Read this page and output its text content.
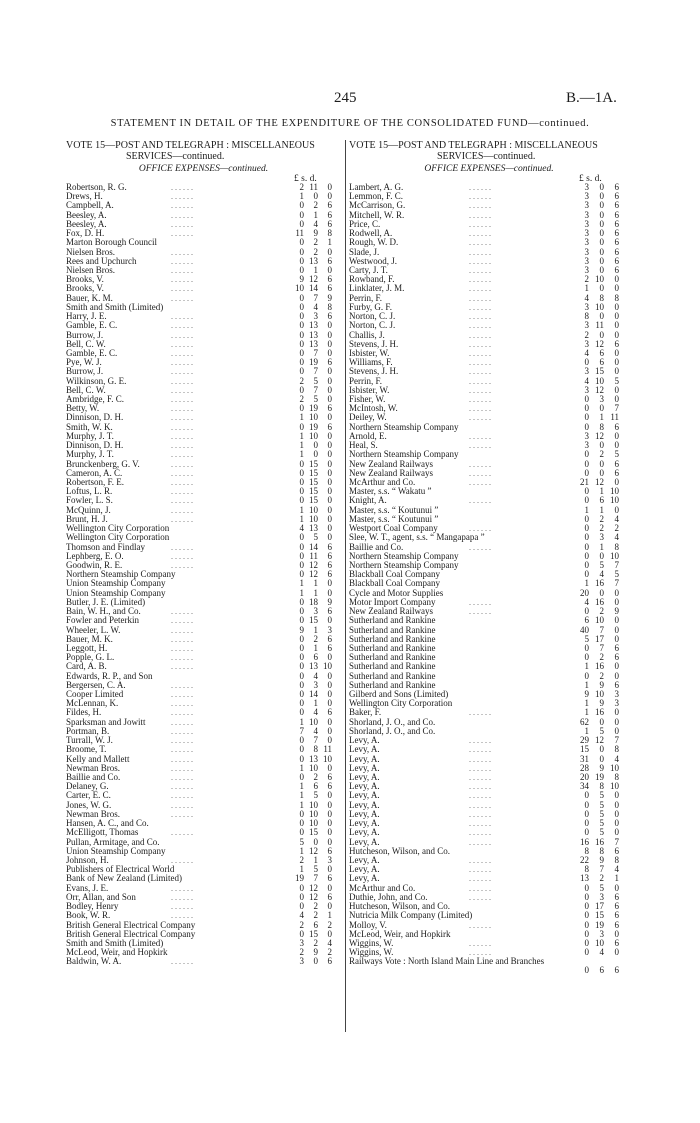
245	B.—1A.
STATEMENT IN DETAIL OF THE EXPENDITURE OF THE CONSOLIDATED FUND—continued.
VOTE 15—POST AND TELEGRAPH : MISCELLANEOUS
SERVICES—continued.
OFFICE EXPENSES—continued.
£ s. d.
Robertson, R. G.	. . . . . .	2 11	0
Drews, H.	. . . . . .	1	0	0
Campbell, A.	. . . . . .	0	2	6
Beesley, A.	. . . . . .	0	1	6
Beesley, A.	. . . . . .	0	4	6
Fox, D. H.	. . . . . .	11	9	8
Marton Borough Council	0	2	1
Nielsen Bros.	. . . . . .	0	2	0
Rees and Upchurch	. . . . . .	0 13	6
Nielsen Bros.	. . . . . .	0	1	0
Brooks, V.	. . . . . .	9 12	6
Brooks, V.	. . . . . .	10 14	6
Bauer, K. M.	. . . . . .	0	7	9
Smith and Smith (Limited)	0	4	8
Harry, J. E.	. . . . . .	0	3	6
Gamble, E. C.	. . . . . .	0 13	0
Burrow, J.	. . . . . .	0 13	0
Bell, C. W.	. . . . . .	0 13	0
Gamble, E. C.	. . . . . .	0	7	0
Pye, W. J.	. . . . . .	0 19	6
Burrow, J.	. . . . . .	0	7	0
Wilkinson, G. E.	. . . . . .	2	5	0
Bell, C. W.	. . . . . .	0	7	0
Ambridge, F. C.	. . . . . .	2	5	0
Betty, W.	. . . . . .	0 19	6
Dinnison, D. H.	. . . . . .	1 10	0
Smith, W. K.	. . . . . .	0 19	6
Murphy, J. T.	. . . . . .	1 10	0
Dinnison, D. H.	. . . . . .	1	0	0
Murphy, J. T.	. . . . . .	1	0	0
Brunckenberg, G. V.	. . . . . .	0 15	0
Cameron, A. C.	. . . . . .	0 15	0
Robertson, F. E.	. . . . . .	0 15	0
Loftus, L. R.	. . . . . .	0 15	0
Fowler, L. S.	. . . . . .	0 15	0
McQuinn, J.	. . . . . .	1 10	0
Brunt, H. J.	. . . . . .	1 10	0
Wellington City Corporation	4 13	0
Wellington City Corporation	0	5	0
Thomson and Findlay	. . . . . .	0 14	6
Lephberg, E. O.	. . . . . .	0 11	6
Goodwin, R. E.	. . . . . .	0 12	6
Northern Steamship Company	0 12	6
Union Steamship Company	1	1	0
Union Steamship Company	1	1	0
Butler, J. E. (Limited)	0 18	9
Bain, W. H., and Co.	. . . . . .	0	3	6
Fowler and Peterkin	. . . . . .	0 15	0
Wheeler, L. W.	. . . . . .	9	1	3
Bauer, M. K.	. . . . . .	0	2	6
Leggott, H.	. . . . . .	0	1	6
Popple, G. L.	. . . . . .	0	6	0
Card, A. B.	. . . . . .	0 13 10
Edwards, R. P., and Son	0	4	0
Bergersen, C. A.	. . . . . .	0	3	0
Cooper Limited	. . . . . .	0 14	0
McLennan, K.	. . . . . .	0	1	0
Fildes, H.	. . . . . .	0	4	6
Sparksman and Jowitt	. . . . . .	1 10	0
Portman, B.	. . . . . .	7	4	0
Turrall, W. J.	. . . . . .	0	7	0
Broome, T.	. . . . . .	0	8 11
Kelly and Mallett	. . . . . .	0 13 10
Newman Bros.	. . . . . .	1 10	0
Baillie and Co.	. . . . . .	0	2	6
Delaney, G.	. . . . . .	1	6	6
Carter, E. C.	. . . . . .	1	5	0
Jones, W. G.	. . . . . .	1 10	0
Newman Bros.	. . . . . .	0 10	0
Hansen, A. C., and Co.	0 10	0
McElligott, Thomas	. . . . . .	0 15	0
Pullan, Armitage, and Co.	5	0	0
Union Steamship Company	1 12	6
Johnson, H.	. . . . . .	2	1	3
Publishers of Electrical World	1	5	0
Bank of New Zealand (Limited)	19	7	6
Evans, J. E.	. . . . . .	0 12	0
Orr, Allan, and Son	. . . . . .	0 12	6
Bodley, Henry	. . . . . .	0	2	0
Book, W. R.	. . . . . .	4	2	1
British General Electrical Company	2	6	2
British General Electrical Company	0 15	0
Smith and Smith (Limited)	3	2	4
McLeod, Weir, and Hopkirk	2	9	2
Baldwin, W. A.	. . . . . .	3	0	6
VOTE 15—POST AND TELEGRAPH : MISCELLANEOUS
SERVICES—continued.
OFFICE EXPENSES—continued.
£ s. d.
Lambert, A. G.	. . . . . .	3	0	6
Lemmon, F. C.	. . . . . .	3	0	6
McCarrison, G.	. . . . . .	3	0	6
Mitchell, W. R.	. . . . . .	3	0	6
Price, C.	. . . . . .	3	0	6
Rodwell, A.	. . . . . .	3	0	6
Rough, W. D.	. . . . . .	3	0	6
Slade, J.	. . . . . .	3	0	6
Westwood, J.	. . . . . .	3	0	6
Carty, J. T.	. . . . . .	3	0	6
Rowband, F.	. . . . . .	2 10	0
Linklater, J. M.	. . . . . .	1	0	0
Perrin, F.	. . . . . .	4	8	8
Furby, G. F.	. . . . . .	3 10	0
Norton, C. J.	. . . . . .	8	0	0
Norton, C. J.	. . . . . .	3 11	0
Challis, J.	. . . . . .	2	0	0
Stevens, J. H.	. . . . . .	3 12	6
Isbister, W.	. . . . . .	4	6	0
Williams, F.	. . . . . .	0	6	0
Stevens, J. H.	. . . . . .	3 15	0
Perrin, F.	. . . . . .	4 10	5
Isbister, W.	. . . . . .	3 12	0
Fisher, W.	. . . . . .	0	3	0
McIntosh, W.	. . . . . .	0	0	7
Deiley, W.	. . . . . .	0	1 11
Northern Steamship Company	0	8	6
Arnold, E.	. . . . . .	3 12	0
Heal, S.	. . . . . .	3	0	0
Northern Steamship Company	0	2	5
New Zealand Railways	. . . . . .	0	0	6
New Zealand Railways	. . . . . .	0	0	6
McArthur and Co.	. . . . . .	21 12	0
Master, s.s. “ Wakatu ”	0	1 10
Knight, A.	. . . . . .	0	6 10
Master, s.s. “ Koutunui ”	1	1	0
Master, s.s. “ Koutunui ”	0	2	4
Westport Coal Company	. . . . . .	0	2	2
Slee, W. T., agent, s.s. “ Mangapapa ”	0	3	4
Baillie and Co.	. . . . . .	0	1	8
Northern Steamship Company	0	0 10
Northern Steamship Company	0	5	7
Blackball Coal Company	0	4	5
Blackball Coal Company	1 16	7
Cycle and Motor Supplies	20	0	0
Motor Import Company	. . . . . .	4 16	0
New Zealand Railways	. . . . . .	0	2	9
Sutherland and Rankine	6 10	0
Sutherland and Rankine	40	7	0
Sutherland and Rankine	5 17	0
Sutherland and Rankine	0	7	6
Sutherland and Rankine	0	2	6
Sutherland and Rankine	1 16	0
Sutherland and Rankine	0	2	0
Sutherland and Rankine	1	9	6
Gilberd and Sons (Limited)	9 10	3
Wellington City Corporation	1	9	3
Baker, F.	. . . . . .	1 16	0
Shorland, J. O., and Co.	62	0	0
Shorland, J. O., and Co.	1	5	0
Levy, A.	. . . . . .	29 12	7
Levy, A.	. . . . . .	15	0	8
Levy, A.	. . . . . .	31	0	4
Levy, A.	. . . . . .	28	9 10
Levy, A.	. . . . . .	20 19	8
Levy, A.	. . . . . .	34	8 10
Levy, A.	. . . . . .	0	5	0
Levy, A.	. . . . . .	0	5	0
Levy, A.	. . . . . .	0	5	0
Levy, A.	. . . . . .	0	5	0
Levy, A.	. . . . . .	0	5	0
Levy, A.	. . . . . .	16 16	7
Hutcheson, Wilson, and Co.	8	8	6
Levy, A.	. . . . . .	22	9	8
Levy, A.	. . . . . .	8	7	4
Levy, A.	. . . . . .	13	2	1
McArthur and Co.	. . . . . .	0	5	0
Duthie, John, and Co.	. . . . . .	0	3	6
Hutcheson, Wilson, and Co.	0 17	6
Nutricia Milk Company (Limited)	0 15	6
Molloy, V.	. . . . . .	0 19	6
McLeod, Weir, and Hopkirk	0	3	0
Wiggins, W.	. . . . . .	0 10	6
Wiggins, W.	. . . . . .	0	4	0
Railways Vote : North Island Main Line and Branches
0	6	6
